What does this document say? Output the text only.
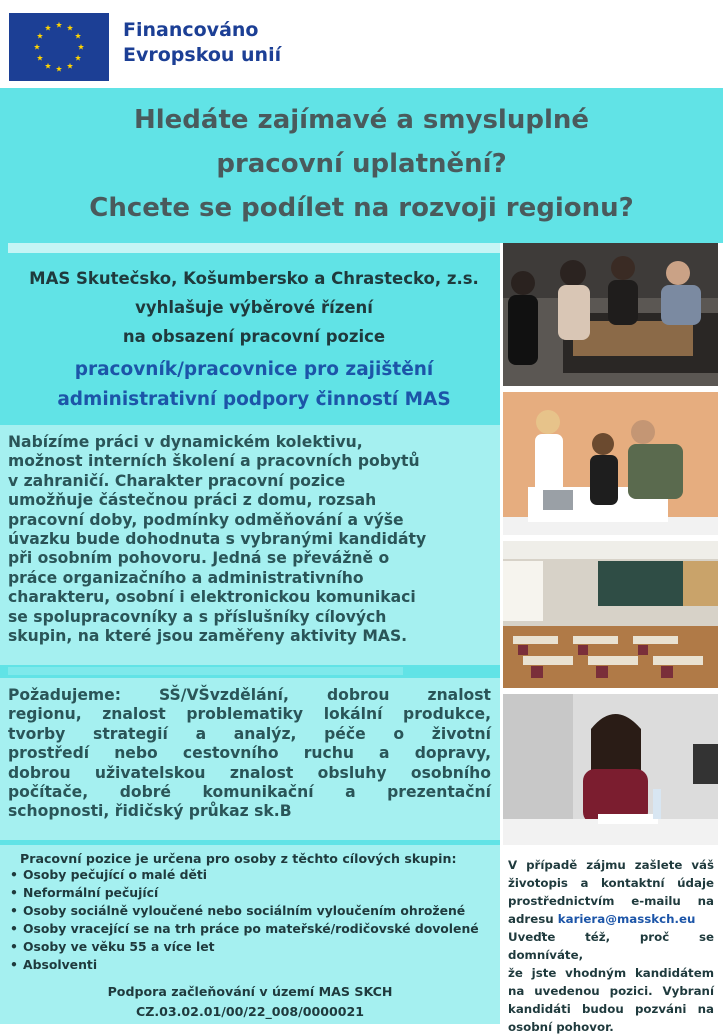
Financováno
Evropskou unií
Hledáte zajímavé a smysluplné
pracovní uplatnění?
Chcete se podílet na rozvoji regionu?
MAS Skutečsko, Košumbersko a Chrastecko, z.s.
vyhlašuje výběrové řízení
na obsazení pracovní pozice
pracovník/pracovnice pro zajištění
administrativní podpory činností MAS
Nabízíme práci v dynamickém kolektivu,
možnost interních školení a pracovních pobytů
v zahraničí. Charakter pracovní pozice
umožňuje částečnou práci z domu, rozsah
pracovní doby, podmínky odměňování a výše
úvazku bude dohodnuta s vybranými kandidáty
při osobním pohovoru. Jedná se převážně o
práce organizačního a administrativního
charakteru, osobní i elektronickou komunikaci
se spolupracovníky a s příslušníky cílových
skupin, na které jsou zaměřeny aktivity MAS.
Požadujeme: SŠ/VŠvzdělání, dobrou znalost
regionu, znalost problematiky lokální produkce,
tvorby strategií a analýz, péče o životní
prostředí nebo cestovního ruchu a dopravy,
dobrou uživatelskou znalost obsluhy osobního
počítače, dobré komunikační a prezentační
schopnosti, řidičský průkaz sk.B
Pracovní pozice je určena pro osoby z těchto cílových skupin:
• Osoby pečující o malé děti
• Neformální pečující
• Osoby sociálně vyloučené nebo sociálním vyloučením ohrožené
• Osoby vracející se na trh práce po mateřské/rodičovské dovolené
• Osoby ve věku 55 a více let
• Absolventi
Podpora začleňování v území MAS SKCH
CZ.03.02.01/00/22_008/0000021
V případě zájmu zašlete váš
životopis a kontaktní údaje
prostřednictvím e-mailu na
adresu kariera@masskch.eu
Uveďte též, proč se domníváte,
že jste vhodným kandidátem
na uvedenou pozici. Vybraní
kandidáti budou pozváni na
osobní pohovor.
